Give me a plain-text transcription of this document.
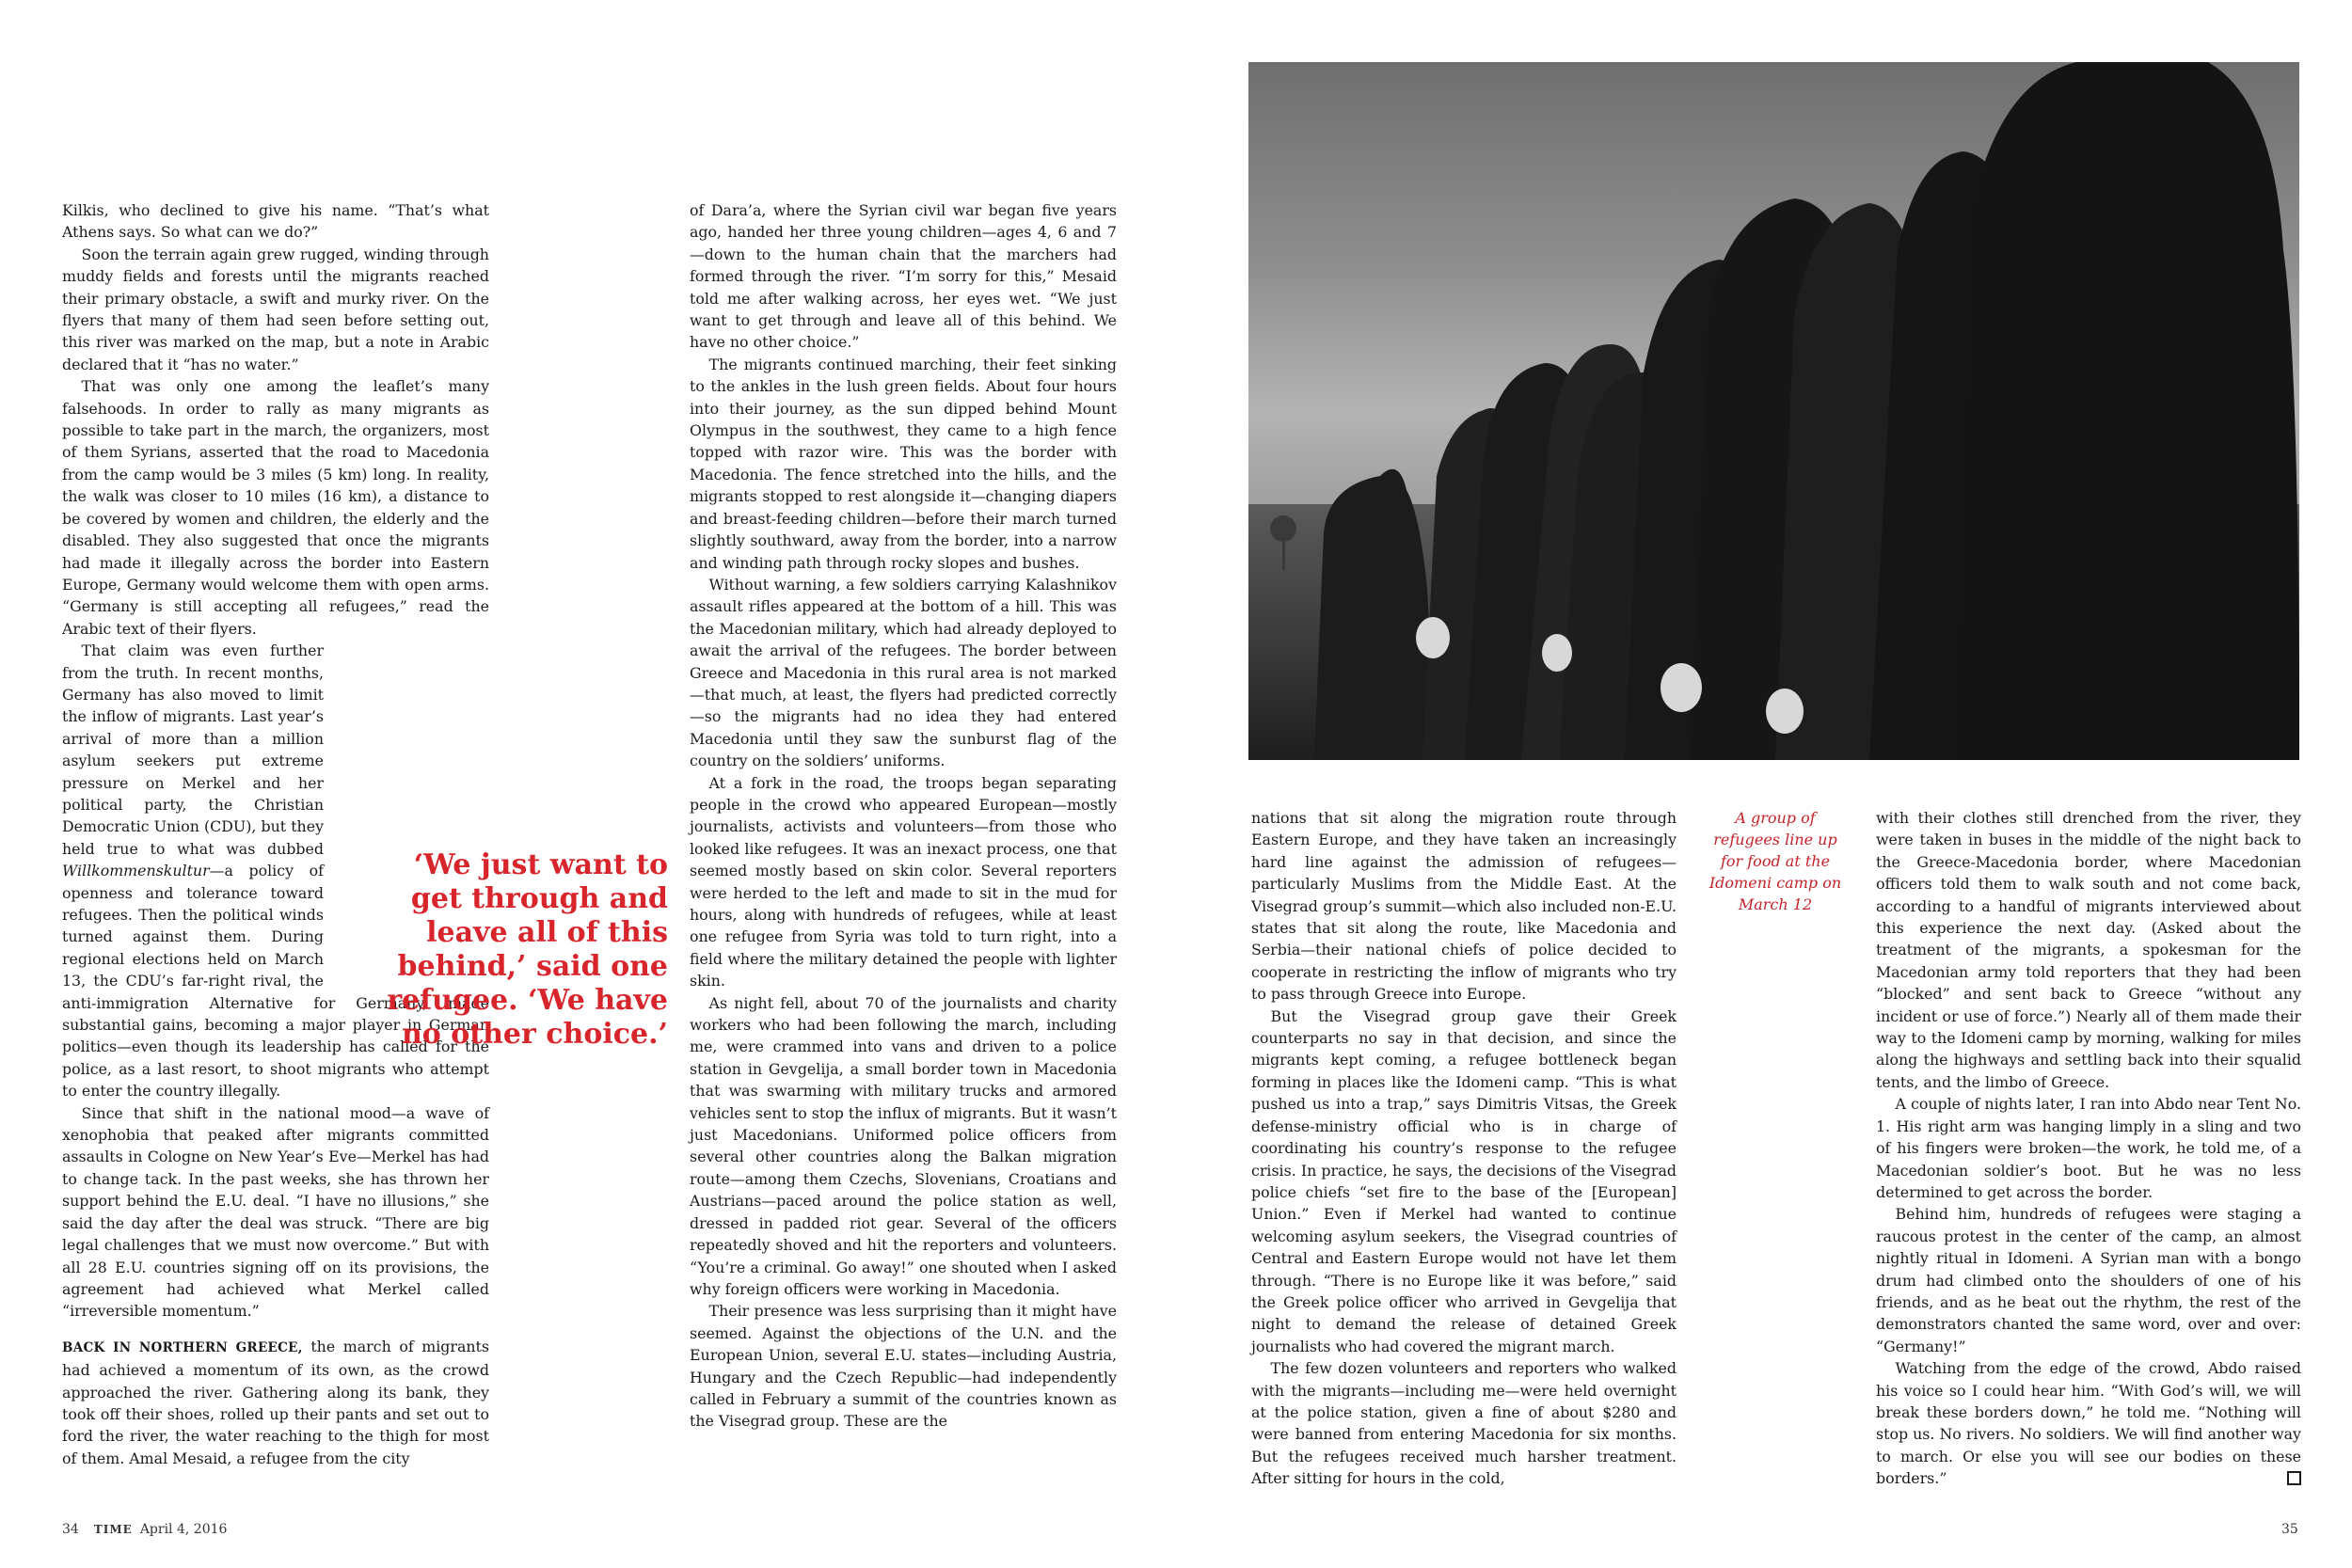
A group of refugees line up for food at the Idomeni camp on March 12

Kilkis, who declined to give his name. “That’s what Athens says. So what can we do?”

Soon the terrain again grew rugged, winding through muddy fields and forests until the migrants reached their primary obstacle, a swift and murky river. On the flyers that many of them had seen before setting out, this river was marked on the map, but a note in Arabic declared that it “has no water.”

That was only one among the leaflet’s many falsehoods. In order to rally as many migrants as possible to take part in the march, the organizers, most of them Syrians, asserted that the road to Macedonia from the camp would be 3 miles (5 km) long. In reality, the walk was closer to 10 miles (16 km), a distance to be covered by women and children, the elderly and the disabled. They also suggested that once the migrants had made it illegally across the border into Eastern Europe, Germany would welcome them with open arms. “Germany is still accepting all refugees,” read the Arabic text of their flyers.

That claim was even further from the truth. In recent months, Germany has also moved to limit the inflow of migrants. Last year’s arrival of more than a million asylum seekers put extreme pressure on Merkel and her political party, the Christian Democratic Union (CDU), but they held true to what was dubbed Willkommenskultur—a policy of openness and tolerance toward refugees. Then the political winds turned against them. During regional elections held on March 13, the CDU’s far-right rival, the anti-immigration Alternative for Germany, made substantial gains, becoming a major player in German politics—even though its leadership has called for the police, as a last resort, to shoot migrants who attempt to enter the country illegally.

Since that shift in the national mood—a wave of xenophobia that peaked after migrants committed assaults in Cologne on New Year’s Eve—Merkel has had to change tack. In the past weeks, she has thrown her support behind the E.U. deal. “I have no illusions,” she said the day after the deal was struck. “There are big legal challenges that we must now overcome.” But with all 28 E.U. countries signing off on its provisions, the agreement had achieved what Merkel called “irreversible momentum.”

BACK IN NORTHERN GREECE, the march of migrants had achieved a momentum of its own, as the crowd approached the river. Gathering along its bank, they took off their shoes, rolled up their pants and set out to ford the river, the water reaching to the thigh for most of them. Amal Mesaid, a refugee from the city

‘We just want to get through and leave all of this behind,’ said one refugee. ‘We have no other choice.’

of Dara’a, where the Syrian civil war began five years ago, handed her three young children—ages 4, 6 and 7—down to the human chain that the marchers had formed through the river. “I’m sorry for this,” Mesaid told me after walking across, her eyes wet. “We just want to get through and leave all of this behind. We have no other choice.”

The migrants continued marching, their feet sinking to the ankles in the lush green fields. About four hours into their journey, as the sun dipped behind Mount Olympus in the southwest, they came to a high fence topped with razor wire. This was the border with Macedonia. The fence stretched into the hills, and the migrants stopped to rest alongside it—changing diapers and breast-feeding children—before their march turned slightly southward, away from the border, into a narrow and winding path through rocky slopes and bushes.

Without warning, a few soldiers carrying Kalashnikov assault rifles appeared at the bottom of a hill. This was the Macedonian military, which had already deployed to await the arrival of the refugees. The border between Greece and Macedonia in this rural area is not marked—that much, at least, the flyers had predicted correctly—so the migrants had no idea they had entered Macedonia until they saw the sunburst flag of the country on the soldiers’ uniforms.

At a fork in the road, the troops began separating people in the crowd who appeared European—mostly journalists, activists and volunteers—from those who looked like refugees. It was an inexact process, one that seemed mostly based on skin color. Several reporters were herded to the left and made to sit in the mud for hours, along with hundreds of refugees, while at least one refugee from Syria was told to turn right, into a field where the military detained the people with lighter skin.

As night fell, about 70 of the journalists and charity workers who had been following the march, including me, were crammed into vans and driven to a police station in Gevgelija, a small border town in Macedonia that was swarming with military trucks and armored vehicles sent to stop the influx of migrants. But it wasn’t just Macedonians. Uniformed police officers from several other countries along the Balkan migration route—among them Czechs, Slovenians, Croatians and Austrians—paced around the police station as well, dressed in padded riot gear. Several of the officers repeatedly shoved and hit the reporters and volunteers. “You’re a criminal. Go away!” one shouted when I asked why foreign officers were working in Macedonia.

Their presence was less surprising than it might have seemed. Against the objections of the U.N. and the European Union, several E.U. states—including Austria, Hungary and the Czech Republic—had independently called in February a summit of the countries known as the Visegrad group. These are the

nations that sit along the migration route through Eastern Europe, and they have taken an increasingly hard line against the admission of refugees—particularly Muslims from the Middle East. At the Visegrad group’s summit—which also included non-E.U. states that sit along the route, like Macedonia and Serbia—their national chiefs of police decided to cooperate in restricting the inflow of migrants who try to pass through Greece into Europe.

But the Visegrad group gave their Greek counterparts no say in that decision, and since the migrants kept coming, a refugee bottleneck began forming in places like the Idomeni camp. “This is what pushed us into a trap,” says Dimitris Vitsas, the Greek defense-ministry official who is in charge of coordinating his country’s response to the refugee crisis. In practice, he says, the decisions of the Visegrad police chiefs “set fire to the base of the [European] Union.” Even if Merkel had wanted to continue welcoming asylum seekers, the Visegrad countries of Central and Eastern Europe would not have let them through. “There is no Europe like it was before,” said the Greek police officer who arrived in Gevgelija that night to demand the release of detained Greek journalists who had covered the migrant march.

The few dozen volunteers and reporters who walked with the migrants—including me—were held overnight at the police station, given a fine of about $280 and were banned from entering Macedonia for six months. But the refugees received much harsher treatment. After sitting for hours in the cold,

with their clothes still drenched from the river, they were taken in buses in the middle of the night back to the Greece-Macedonia border, where Macedonian officers told them to walk south and not come back, according to a handful of migrants interviewed about this experience the next day. (Asked about the treatment of the migrants, a spokesman for the Macedonian army told reporters that they had been “blocked” and sent back to Greece “without any incident or use of force.”) Nearly all of them made their way to the Idomeni camp by morning, walking for miles along the highways and settling back into their squalid tents, and the limbo of Greece.

A couple of nights later, I ran into Abdo near Tent No. 1. His right arm was hanging limply in a sling and two of his fingers were broken—the work, he told me, of a Macedonian soldier’s boot. But he was no less determined to get across the border.

Behind him, hundreds of refugees were staging a raucous protest in the center of the camp, an almost nightly ritual in Idomeni. A Syrian man with a bongo drum had climbed onto the shoulders of one of his friends, and as he beat out the rhythm, the rest of the demonstrators chanted the same word, over and over: “Germany!”

Watching from the edge of the crowd, Abdo raised his voice so I could hear him. “With God’s will, we will break these borders down,” he told me. “Nothing will stop us. No rivers. No soldiers. We will find another way to march. Or else you will see our bodies on these borders.”

34 TIME April 4, 2016	35
